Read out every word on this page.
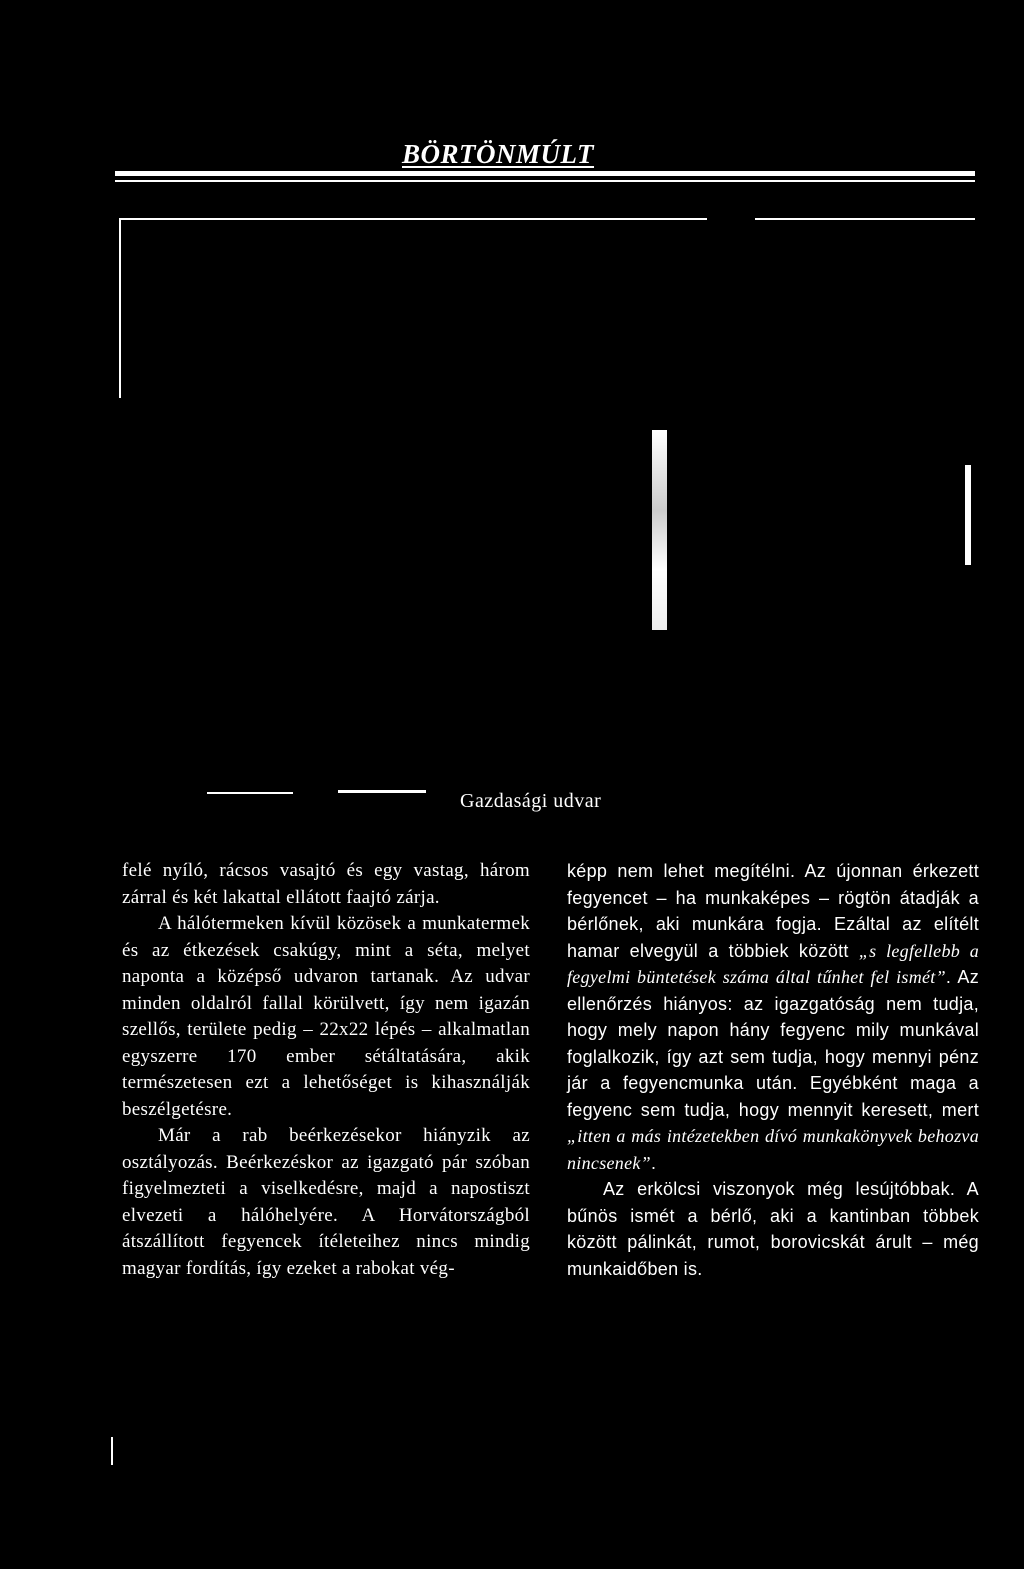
BÖRTÖNMÚLT
Gazdasági udvar

felé nyíló, rácsos vasajtó és egy vastag, három zárral és két lakattal ellátott faajtó zárja.

A hálótermeken kívül közösek a munkatermek és az étkezések csakúgy, mint a séta, melyet naponta a középső udvaron tartanak. Az udvar minden oldalról fallal körülvett, így nem igazán szellős, területe pedig – 22x22 lépés – alkalmatlan egyszerre 170 ember sétáltatására, akik természetesen ezt a lehetőséget is kihasználják beszélgetésre.

Már a rab beérkezésekor hiányzik az osztályozás. Beérkezéskor az igazgató pár szóban figyelmezteti a viselkedésre, majd a napostiszt elvezeti a hálóhelyére. A Horvátországból átszállított fegyencek ítéleteihez nincs mindig magyar fordítás, így ezeket a rabokat vég-

képp nem lehet megítélni. Az újonnan érkezett fegyencet – ha munkaképes – rögtön átadják a bérlőnek, aki munkára fogja. Ezáltal az elítélt hamar elvegyül a többiek között „s legfellebb a fegyelmi büntetések száma által tűnhet fel ismét”. Az ellenőrzés hiányos: az igazgatóság nem tudja, hogy mely napon hány fegyenc mily munkával foglalkozik, így azt sem tudja, hogy mennyi pénz jár a fegyencmunka után. Egyébként maga a fegyenc sem tudja, hogy mennyit keresett, mert „itten a más intézetekben dívó munkakönyvek behozva nincsenek”.

Az erkölcsi viszonyok még lesújtóbbak. A bűnös ismét a bérlő, aki a kantinban többek között pálinkát, rumot, borovicskát árult – még munkaidőben is.
